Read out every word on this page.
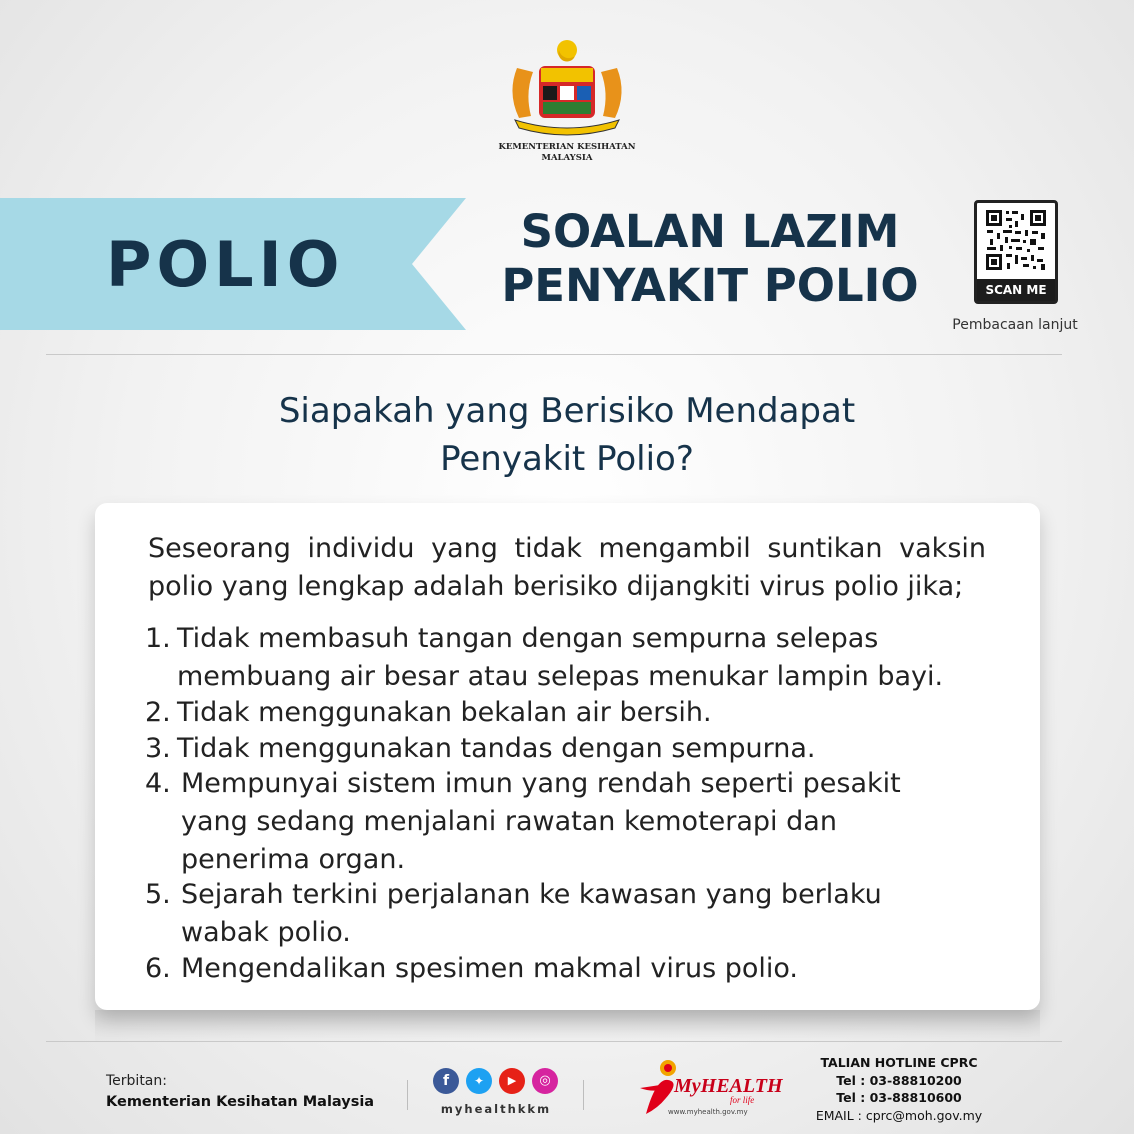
KEMENTERIAN KESIHATAN
MALAYSIA
POLIO	SOALAN LAZIM
PENYAKIT POLIO	SCAN ME
Pembacaan lanjut
Siapakah yang Berisiko Mendapat
Penyakit Polio?
Seseorang individu yang tidak mengambil suntikan vaksin
polio yang lengkap adalah berisiko dijangkiti virus polio jika;
1. Tidak membasuh tangan dengan sempurna selepas
membuang air besar atau selepas menukar lampin bayi.
2. Tidak menggunakan bekalan air bersih.
3. Tidak menggunakan tandas dengan sempurna.
4. Mempunyai sistem imun yang rendah seperti pesakit
yang sedang menjalani rawatan kemoterapi dan
penerima organ.
5. Sejarah terkini perjalanan ke kawasan yang berlaku
wabak polio.
6. Mengendalikan spesimen makmal virus polio.
Terbitan:
Kementerian Kesihatan Malaysia
f	✦	▶	◎
myhealthkkm
MyHEALTH
for life
www.myhealth.gov.my
TALIAN HOTLINE CPRC
Tel : 03-88810200
Tel : 03-88810600
EMAIL : cprc@moh.gov.my
